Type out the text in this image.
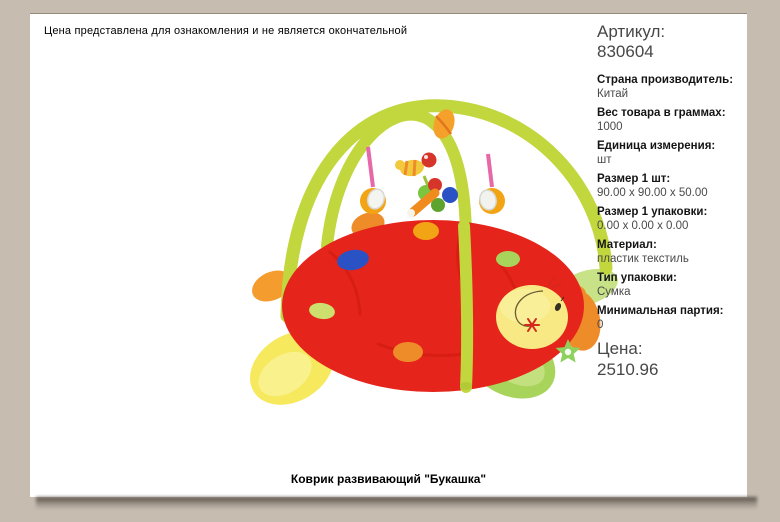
Цена представлена для ознакомления и не является окончательной	Артикул:
830604
Страна производитель:
Китай
Вес товара в граммах:
1000
Единица измерения:
шт
Размер 1 шт:
90.00 x 90.00 x 50.00
Размер 1 упаковки:
0.00 x 0.00 x 0.00
Материал:
пластик текстиль
Тип упаковки:
Сумка
Минимальная партия:
0
Цена:
2510.96
Коврик развивающий "Букашка"
